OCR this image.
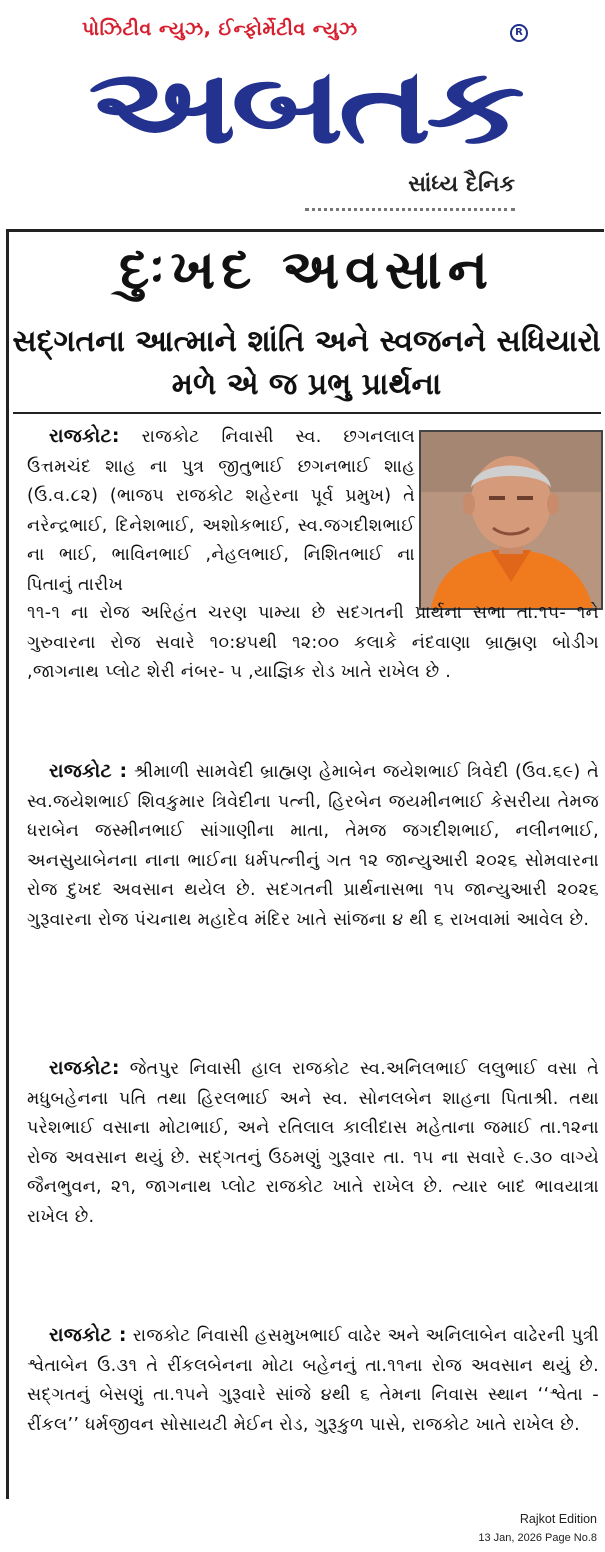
પોઝિટીવ ન્યુઝ, ઈન્ફોર્મેટીવ ન્યુઝ	R
અબતક
સાંધ્ય દૈનિક
દુઃખદ અવસાન
સદ્ગતના આત્માને શાંતિ અને સ્વજનને સધિયારો મળે એ જ પ્રભુ પ્રાર્થના
રાજકોટ: રાજકોટ નિવાસી સ્વ. છગનલાલ ઉત્તમચંદ શાહ ના પુત્ર જીતુભાઈ છગનભાઈ શાહ (ઉ.વ.૮૨) (ભાજપ રાજકોટ શહેરના પૂર્વ પ્રમુખ) તે નરેન્દ્રભાઈ, દિનેશભાઈ, અશોકભાઈ, સ્વ.જગદીશભાઈ ના ભાઈ, ભાવિનભાઈ ,નેહલભાઈ, નિશિતભાઈ ના પિતાનું તારીખ
૧૧-૧ ના રોજ અરિહંત ચરણ પામ્યા છે સદગતની પ્રાર્થના સભા તા.૧૫- ૧ને ગુરુવારના રોજ સવારે ૧૦:૪૫થી ૧૨:૦૦ કલાકે નંદવાણા બ્રાહ્મણ બોડીગ ,જાગનાથ પ્લોટ શેરી નંબર- ૫ ,યાજ્ઞિક રોડ ખાતે રાખેલ છે .
રાજકોટ : શ્રીમાળી સામવેદી બ્રાહ્મણ હેમાબેન જયેશભાઈ ત્રિવેદી (ઉવ.૬૯) તે સ્વ.જયેશભાઈ શિવકુમાર ત્રિવેદીના પત્ની, હિરબેન જયમીનભાઈ કેસરીયા તેમજ ધરાબેન જસ્મીનભાઈ સાંગાણીના માતા, તેમજ જગદીશભાઈ, નલીનભાઈ, અનસુયાબેનના નાના ભાઈના ધર્મપત્નીનું ગત ૧૨ જાન્યુઆરી ૨૦૨૬ સોમવારના રોજ દુખદ અવસાન થયેલ છે. સદગતની પ્રાર્થનાસભા ૧૫ જાન્યુઆરી ૨૦૨૬ ગુરૂવારના રોજ પંચનાથ મહાદેવ મંદિર ખાતે સાંજના ૪ થી ૬ રાખવામાં આવેલ છે.
રાજકોટ: જેતપુર નિવાસી હાલ રાજકોટ સ્વ.અનિલભાઈ લલુભાઈ વસા તે મધુબહેનના પતિ તથા હિરલભાઈ અને સ્વ. સોનલબેન શાહના પિતાશ્રી. તથા પરેશભાઈ વસાના મોટાભાઈ, અને રતિલાલ કાલીદાસ મહેતાના જમાઈ તા.૧૨ના રોજ અવસાન થયું છે. સદ્ગતનું ઉઠમણું ગુરૂવાર તા. ૧૫ ના સવારે ૯.૩૦ વાગ્યે જૈનભુવન, ૨૧, જાગનાથ પ્લોટ રાજકોટ ખાતે રાખેલ છે. ત્યાર બાદ ભાવયાત્રા રાખેલ છે.
રાજકોટ : રાજકોટ નિવાસી હસમુખભાઈ વાઢેર અને અનિલાબેન વાઢેરની પુત્રી શ્વેતાબેન ઉ.૩૧ તે રીંકલબેનના મોટા બહેનનું તા.૧૧ના રોજ અવસાન થયું છે. સદ્ગતનું બેસણું તા.૧૫ને ગુરૂવારે સાંજે ૪થી ૬ તેમના નિવાસ સ્થાન ‘‘શ્વેતા - રીંકલ’’ ધર્મજીવન સોસાયટી મેઈન રોડ, ગુરૂકુળ પાસે, રાજકોટ ખાતે રાખેલ છે.
Rajkot Edition
13 Jan, 2026 Page No.8
